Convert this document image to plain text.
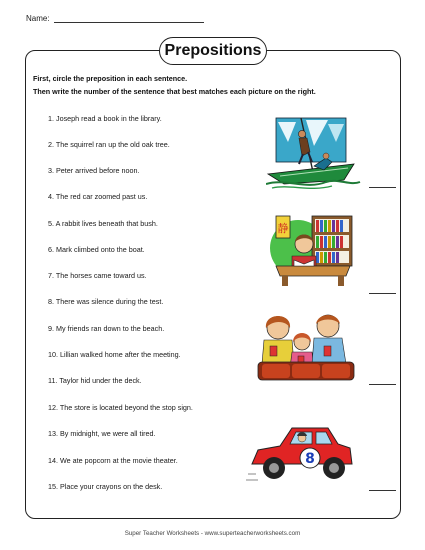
Name:
Prepositions
First, circle the preposition in each sentence.
Then write the number of the sentence that best matches each picture on the right.
1. Joseph read a book in the library.
2. The squirrel ran up the old oak tree.
3. Peter arrived before noon.
4. The red car zoomed past us.
5. A rabbit lives beneath that bush.
6. Mark climbed onto the boat.
7. The horses came toward us.
8. There was silence during the test.
9. My friends ran down to the beach.
10. Lillian walked home after the meeting.
11. Taylor hid under the deck.
12. The store is located beyond the stop sign.
13. By midnight, we were all tired.
14. We ate popcorn at the movie theater.
15. Place your crayons on the desk.
静
8
Super Teacher Worksheets - www.superteacherworksheets.com
